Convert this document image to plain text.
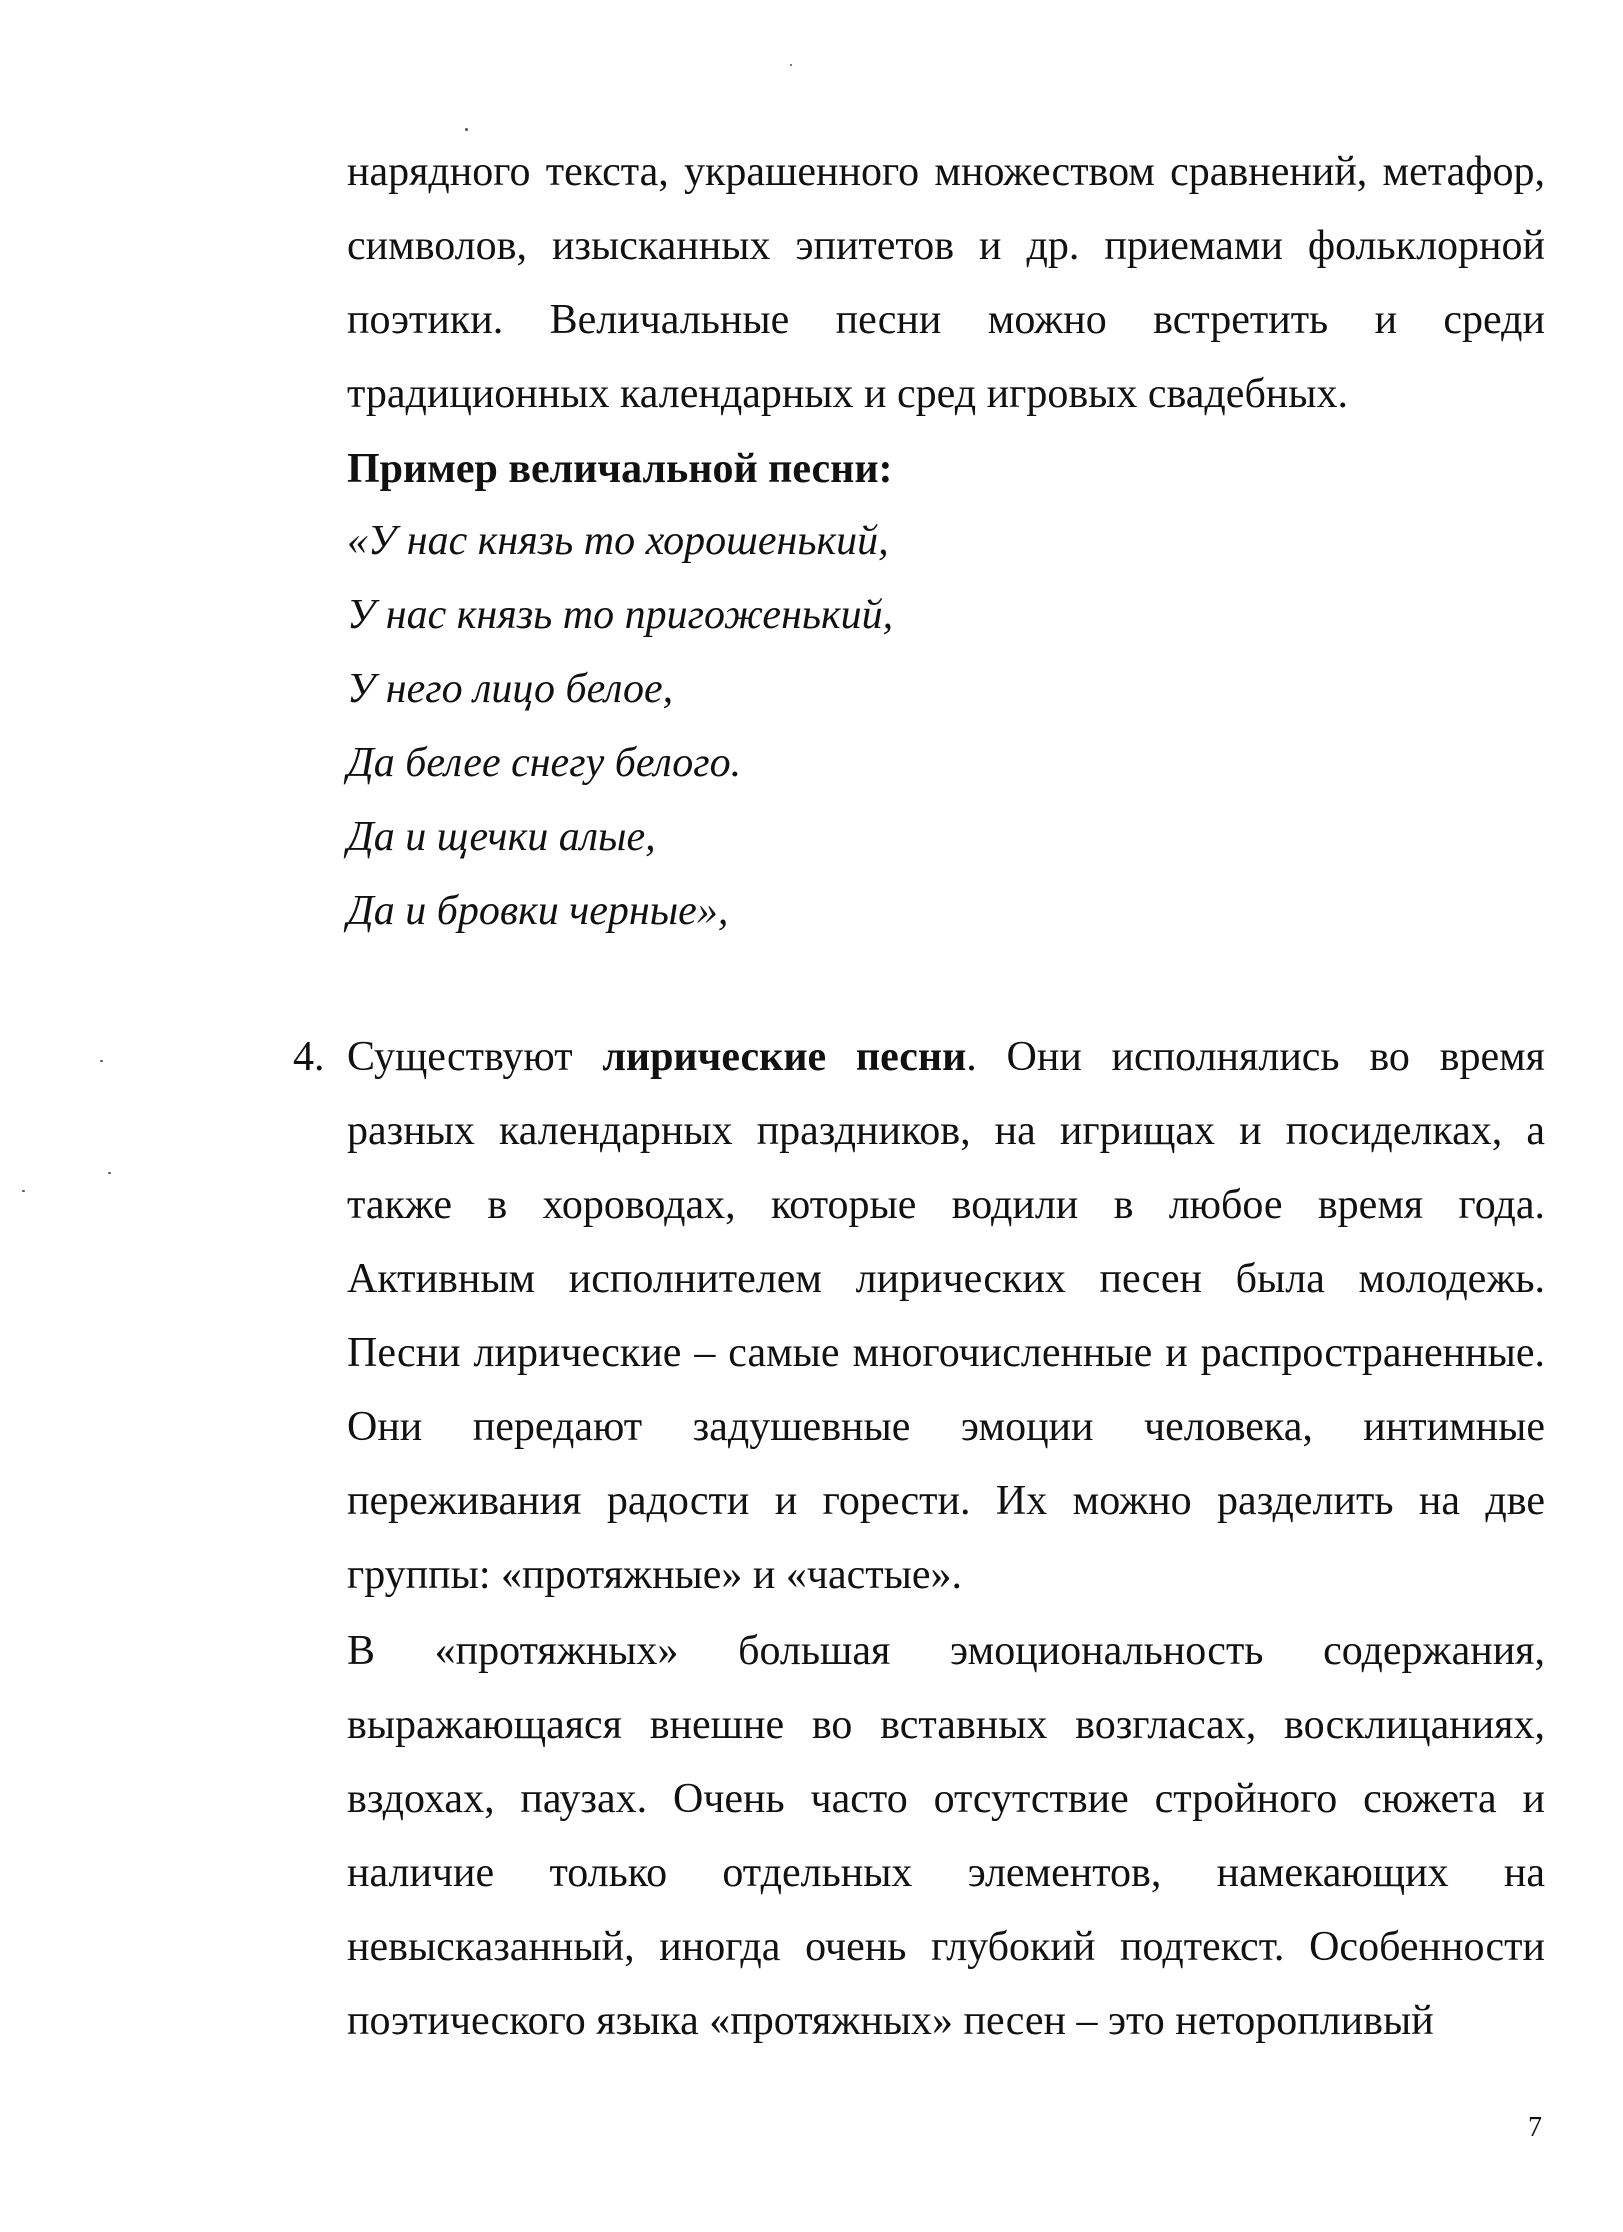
нарядного текста, украшенного множеством сравнений, метафор, символов, изысканных эпитетов и др. приемами фольклорной поэтики. Величальные песни можно встретить и среди традиционных календарных и сред игровых свадебных.

Пример величальной песни:

«У нас князь то хорошенький,
У нас князь то пригоженький,
У него лицо белое,
Да белее снегу белого.
Да и щечки алые,
Да и бровки черные»,
4. Существуют лирические песни. Они исполнялись во время разных календарных праздников, на игрищах и посиделках, а также в хороводах, которые водили в любое время года. Активным исполнителем лирических песен была молодежь. Песни лирические – самые многочисленные и распространенные. Они передают задушевные эмоции человека, интимные переживания радости и горести. Их можно разделить на две группы: «протяжные» и «частые».

В «протяжных» большая эмоциональность содержания, выражающаяся внешне во вставных возгласах, восклицаниях, вздохах, паузах. Очень часто отсутствие стройного сюжета и наличие только отдельных элементов, намекающих на невысказанный, иногда очень глубокий подтекст. Особенности поэтического языка «протяжных» песен – это неторопливый

7
